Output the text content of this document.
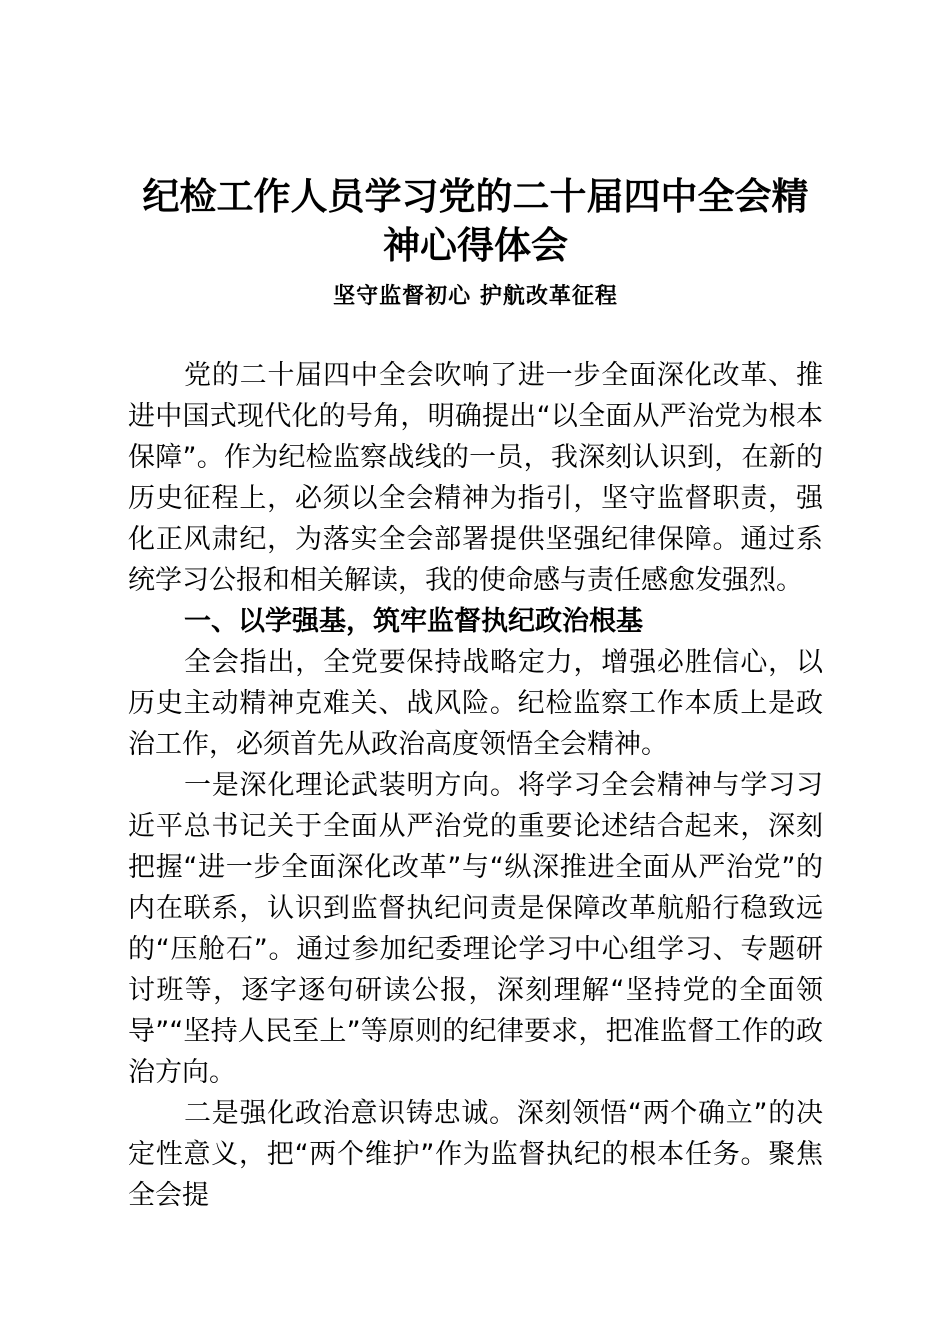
纪检工作人员学习党的二十届四中全会精
神心得体会
坚守监督初心 护航改革征程

党的二十届四中全会吹响了进一步全面深化改革、推进中国式现代化的号角，明确提出“以全面从严治党为根本保障”。作为纪检监察战线的一员，我深刻认识到，在新的历史征程上，必须以全会精神为指引，坚守监督职责，强化正风肃纪，为落实全会部署提供坚强纪律保障。通过系统学习公报和相关解读，我的使命感与责任感愈发强烈。

一、以学强基，筑牢监督执纪政治根基

全会指出，全党要保持战略定力，增强必胜信心，以历史主动精神克难关、战风险。纪检监察工作本质上是政治工作，必须首先从政治高度领悟全会精神。

一是深化理论武装明方向。将学习全会精神与学习习近平总书记关于全面从严治党的重要论述结合起来，深刻把握“进一步全面深化改革”与“纵深推进全面从严治党”的内在联系，认识到监督执纪问责是保障改革航船行稳致远的“压舱石”。通过参加纪委理论学习中心组学习、专题研讨班等，逐字逐句研读公报，深刻理解“坚持党的全面领导”“坚持人民至上”等原则的纪律要求，把准监督工作的政治方向。

二是强化政治意识铸忠诚。深刻领悟“两个确立”的决定性意义，把“两个维护”作为监督执纪的根本任务。聚焦全会提
